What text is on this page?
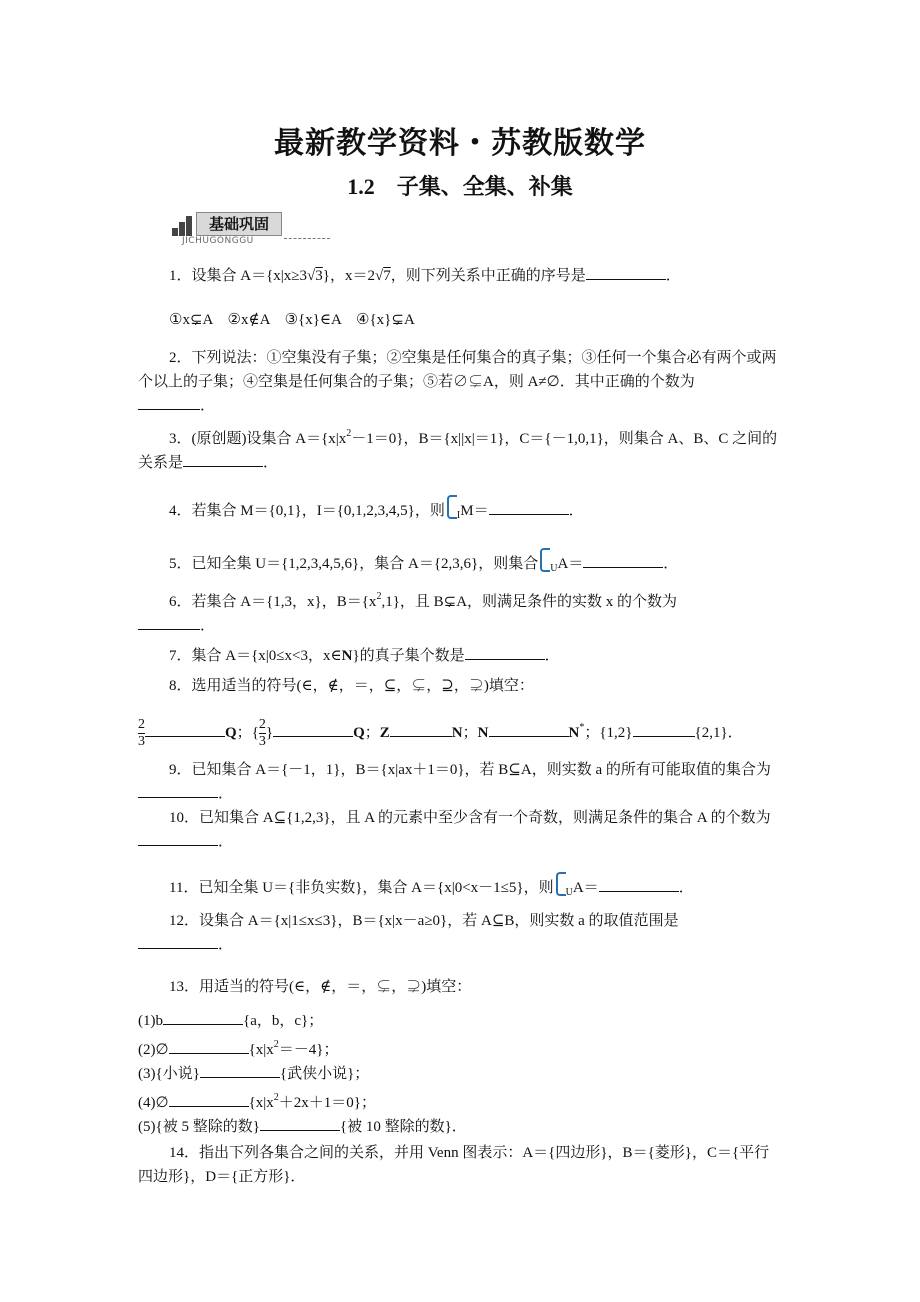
最新教学资料・苏教版数学
1.2　子集、全集、补集
基础巩固
JICHUGONGGU

1．设集合 A＝{x|x≥3√3}，x＝2√7，则下列关系中正确的序号是	．

①x⊊A　②x∉A　③{x}∈A　④{x}⊊A

2．下列说法：①空集没有子集；②空集是任何集合的真子集；③任何一个集合必有两个或两个以上的子集；④空集是任何集合的子集；⑤若∅⊊A，则 A≠∅．其中正确的个数为
．

3．(原创题)设集合 $A=\{x|x^2-1=0\}$，B＝{x||x|＝1}，C＝{－1,0,1}，则集合 A、B、C 之间的关系是	．

4．若集合 M＝{0,1}，I＝{0,1,2,3,4,5}，则 $_I$M＝	．

5．已知全集 U＝{1,2,3,4,5,6}，集合 A＝{2,3,6}，则集合 $_U$A＝	．

6．若集合 A＝{1,3，x}，$B=\{x^2,1\}$，且 B⊊A，则满足条件的实数 x 的个数为
．

7．集合 A＝{x|0≤x<3，x∈N}的真子集个数是	．

8．选用适当的符号(∈，∉，＝，⊆，⊊，⊇，⊋)填空：

$\frac{2}{3}$	Q；{ $\frac{2}{3}$ }	Q；Z	N；N	N*；{1,2}	{2,1}．

9．已知集合 A＝{－1，1}，B＝{x|ax＋1＝0}，若 B⊆A，则实数 a 的所有可能取值的集合为．

10．已知集合 A⊆{1,2,3}，且 A 的元素中至少含有一个奇数，则满足条件的集合 A 的个数为．

11．已知全集 U＝{非负实数}，集合 A＝{x|0<x－1≤5}，则 $_U$A＝	．

12．设集合 A＝{x|1≤x≤3}，B＝{x|x－a≥0}，若 A⊆B，则实数 a 的取值范围是
．

13．用适当的符号(∈，∉，＝，⊊，⊋)填空：

(1)b	{a，b，c}；

(2)∅	$\{x|x^2=-4\}$；

(3){小说}	{武侠小说}；

(4)∅	$\{x|x^2+2x+1=0\}$；

(5){被 5 整除的数}	{被 10 整除的数}．

14．指出下列各集合之间的关系，并用 Venn 图表示：A＝{四边形}，B＝{菱形}，C＝{平行四边形}，D＝{正方形}．
